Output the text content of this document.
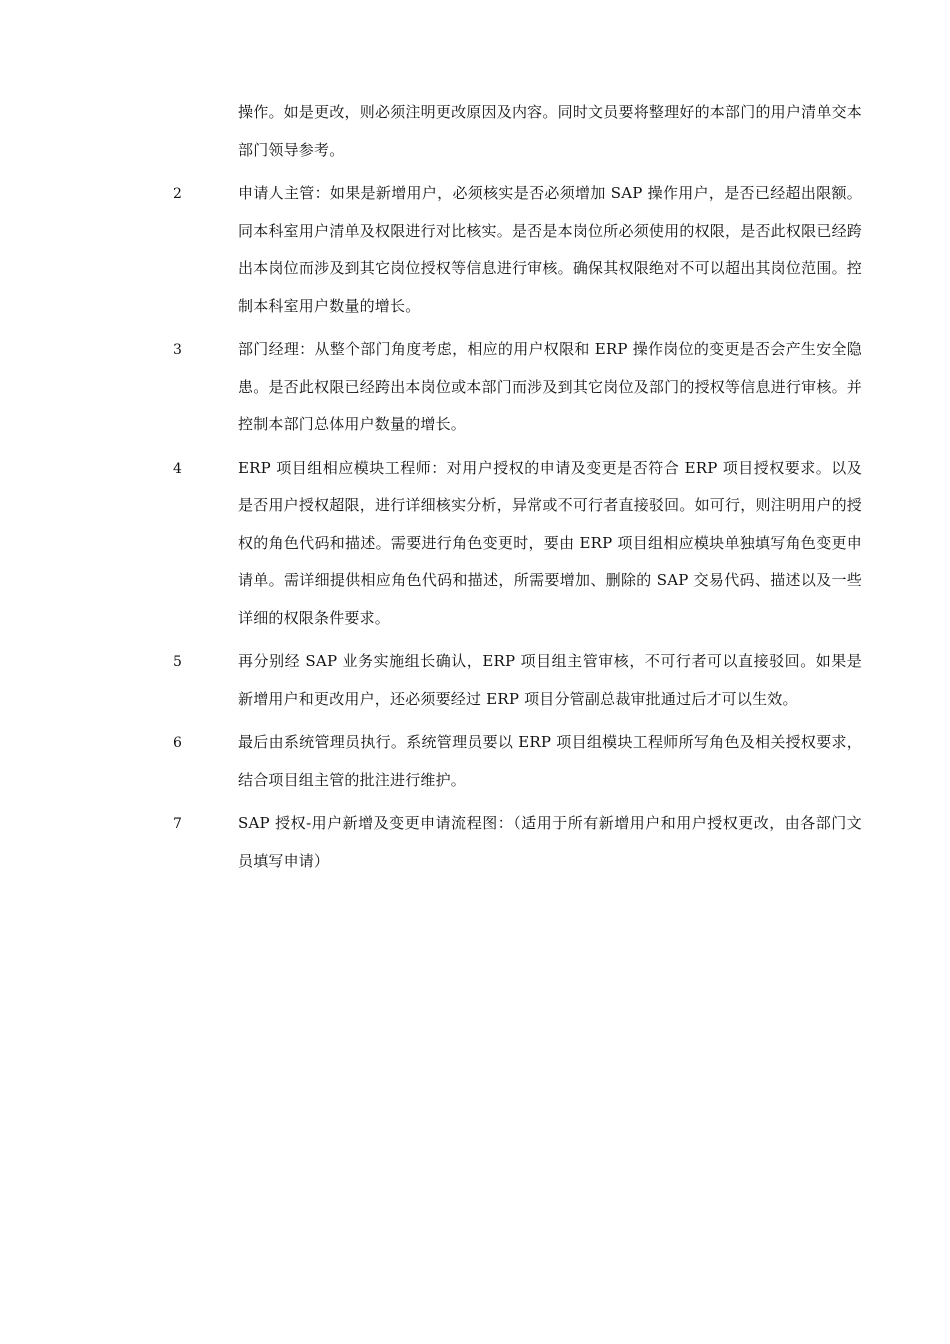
操作。如是更改，则必须注明更改原因及内容。同时文员要将整理好的本部门的用户清单交本部门领导参考。
2	申请人主管：如果是新增用户，必须核实是否必须增加 SAP 操作用户，是否已经超出限额。同本科室用户清单及权限进行对比核实。是否是本岗位所必须使用的权限，是否此权限已经跨出本岗位而涉及到其它岗位授权等信息进行审核。确保其权限绝对不可以超出其岗位范围。控制本科室用户数量的增长。
3	部门经理：从整个部门角度考虑，相应的用户权限和 ERP 操作岗位的变更是否会产生安全隐患。是否此权限已经跨出本岗位或本部门而涉及到其它岗位及部门的授权等信息进行审核。并控制本部门总体用户数量的增长。
4	ERP 项目组相应模块工程师：对用户授权的申请及变更是否符合 ERP 项目授权要求。以及是否用户授权超限，进行详细核实分析，异常或不可行者直接驳回。如可行，则注明用户的授权的角色代码和描述。需要进行角色变更时，要由 ERP 项目组相应模块单独填写角色变更申请单。需详细提供相应角色代码和描述，所需要增加、删除的 SAP 交易代码、描述以及一些详细的权限条件要求。
5	再分别经 SAP 业务实施组长确认，ERP 项目组主管审核，不可行者可以直接驳回。如果是新增用户和更改用户，还必须要经过 ERP 项目分管副总裁审批通过后才可以生效。
6	最后由系统管理员执行。系统管理员要以 ERP 项目组模块工程师所写角色及相关授权要求，结合项目组主管的批注进行维护。
7	SAP 授权-用户新增及变更申请流程图：（适用于所有新增用户和用户授权更改，由各部门文员填写申请）
